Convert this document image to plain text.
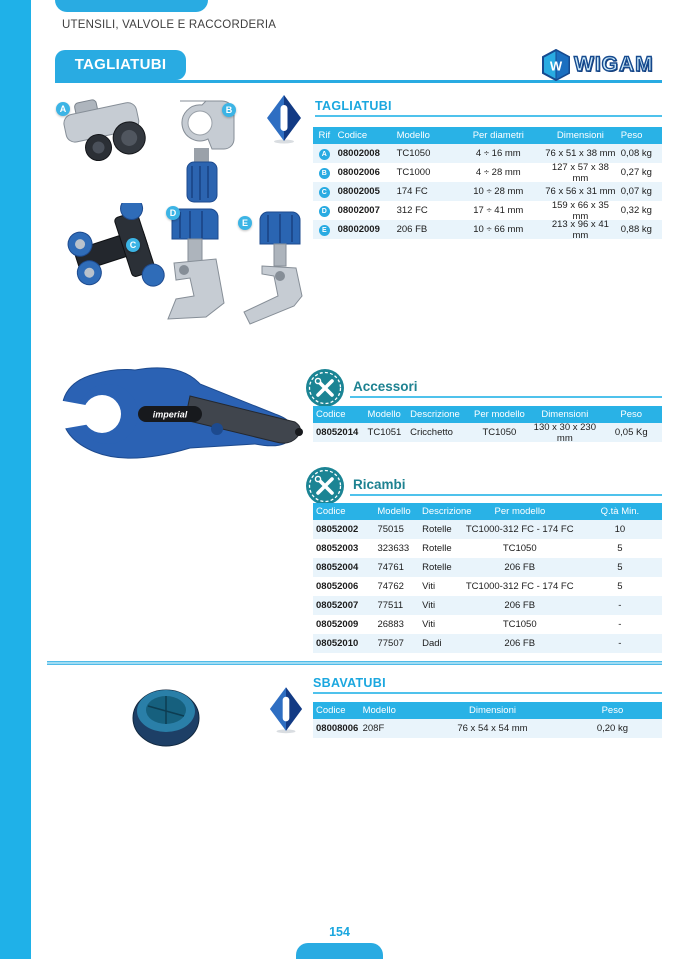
UTENSILI, VALVOLE E RACCORDERIA
TAGLIATUBI	W WIGAM
A	B
C
D
E
TAGLIATUBI
Rif Codice	Modello	Per diametri	Dimensioni	Peso
A	08002008	TC1050	4 ÷ 16 mm	76 x 51 x 38 mm 0,08 kg
B	08002006	TC1000	4 ÷ 28 mm	127 x 57 x 38 mm	0,27 kg
C	08002005	174 FC	10 ÷ 28 mm	76 x 56 x 31 mm 0,07 kg
D	08002007	312 FC	17 ÷ 41 mm	159 x 66 x 35 mm	0,32 kg
E	08002009	206 FB	10 ÷ 66 mm	213 x 96 x 41 mm	0,88 kg
imperial
Accessori
Codice	Modello Descrizione	Per modello	Dimensioni	Peso
08052014 TC1051 Cricchetto	TC1050	130 x 30 x 230 mm	0,05 Kg
Ricambi
Codice	Modello	Descrizione	Per modello	Q.tà Min.
08052002	75015	Rotelle	TC1000-312 FC - 174 FC	10
08052003	323633	Rotelle	TC1050	5
08052004	74761	Rotelle	206 FB	5
08052006	74762	Viti	TC1000-312 FC - 174 FC	5
08052007	77511	Viti	206 FB	-
08052009	26883	Viti	TC1050	-
08052010	77507	Dadi	206 FB	-
SBAVATUBI
Codice	Modello	Dimensioni	Peso
08008006 208F	76 x 54 x 54 mm	0,20 kg
154
